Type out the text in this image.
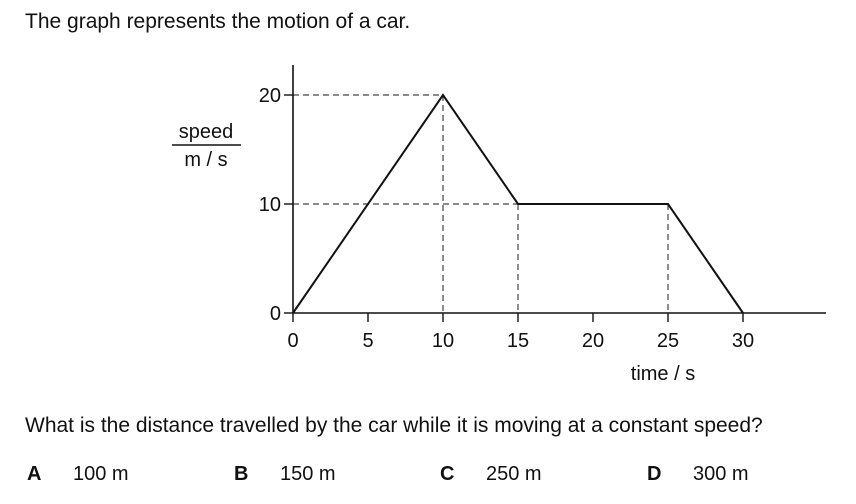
The graph represents the motion of a car.
0	5	10	15	20	25	30
0
10
20
speed
m / s
time / s

What is the distance travelled by the car while it is moving at a constant speed?

A 100 m	B 150 m	C 250 m	D 300 m
